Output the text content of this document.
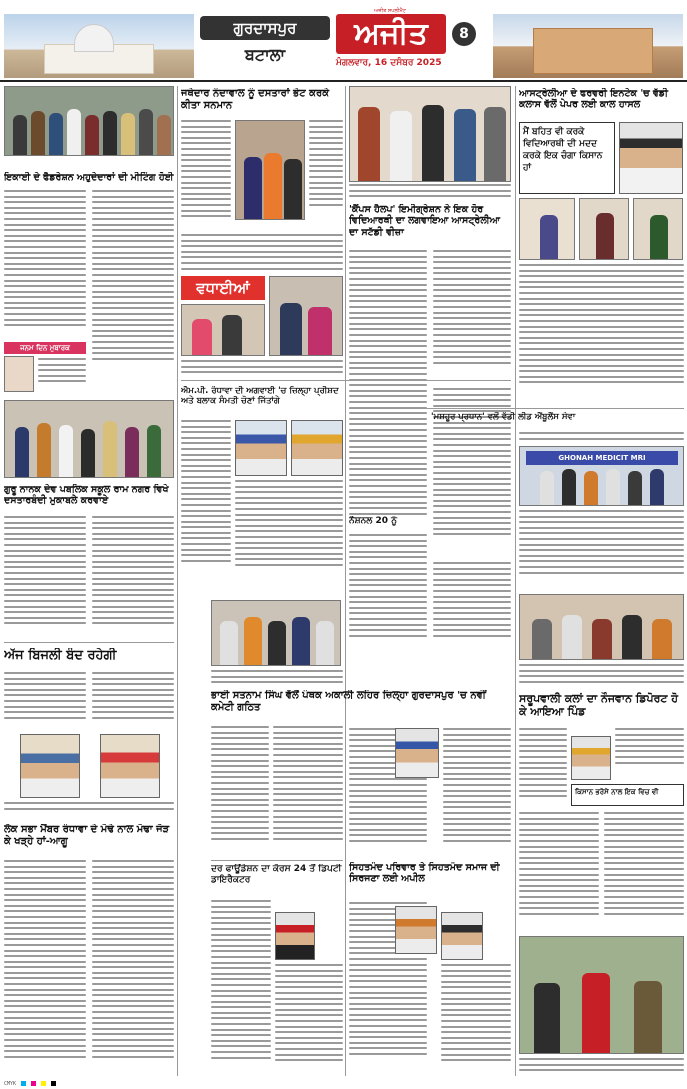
ਅਜੀਤ ਸਪਲੀਮੈਂਟ
ਗੁਰਦਾਸਪੁਰ
ਬਟਾਲਾ
ਅਜੀਤ
ਮੰਗਲਵਾਰ, 16 ਦਸੰਬਰ 2025
8
ਇਕਾਈ ਦੇ ਫੈਡਰੇਸ਼ਨ ਅਹੁਦੇਦਾਰਾਂ ਦੀ ਮੀਟਿੰਗ ਹੋਈ
ਜਨਮ ਦਿਨ ਮੁਬਾਰਕ
ਗੁਰੂ ਨਾਨਕ ਦੇਵ ਪਬਲਿਕ ਸਕੂਲ ਰਾਮ ਨਗਰ ਵਿਖੇ ਦਸਤਾਰਬੰਦੀ ਮੁਕਾਬਲੇ ਕਰਵਾਏ
ਅੱਜ ਬਿਜਲੀ ਬੰਦ ਰਹੇਗੀ
ਲੋਕ ਸਭਾ ਮੈਂਬਰ ਰੰਧਾਵਾ ਦੇ ਮੋਢੇ ਨਾਲ ਮੋਢਾ ਜੋੜ ਕੇ ਖੜ੍ਹੇ ਹਾਂ-ਆਗੂ
ਜਥੇਦਾਰ ਨੰਦਾਵਾਲ ਨੂੰ ਦਸਤਾਰਾਂ ਭੇਟ ਕਰਕੇ ਕੀਤਾ ਸਨਮਾਨ
ਵਧਾਈਆਂ
ਐਮ.ਪੀ. ਰੰਧਾਵਾ ਦੀ ਅਗਵਾਈ 'ਚ ਜ਼ਿਲ੍ਹਾ ਪ੍ਰੀਸ਼ਦ ਅਤੇ ਬਲਾਕ ਸੰਮਤੀ ਚੋਣਾਂ ਜਿੱਤਾਂਗੇ
ਭਾਈ ਸਤਨਾਮ ਸਿੰਘ ਵੱਲੋਂ ਪੰਥਕ ਅਕਾਲੀ ਲਹਿਰ ਜ਼ਿਲ੍ਹਾ ਗੁਰਦਾਸਪੁਰ 'ਚ ਨਵੀਂ ਕਮੇਟੀ ਗਠਿਤ
ਦਰ ਫਾਊਂਡੇਸ਼ਨ ਦਾ ਕੋਰਸ 24 ਤੋਂ ਡਿਪਟੀ ਡਾਇਰੈਕਟਰ
'ਕੈਂਪਸ ਹੈਲਪ' ਇਮੀਗ੍ਰੇਸ਼ਨ ਨੇ ਇਕ ਹੋਰ ਵਿਦਿਆਰਥੀ ਦਾ ਲਗਵਾਇਆ ਆਸਟ੍ਰੇਲੀਆ ਦਾ ਸਟੱਡੀ ਵੀਜ਼ਾ
ਨੈਸ਼ਨਲ 20 ਨੂੰ
ਸਿਹਤਮੰਦ ਪਰਿਵਾਰ ਤੇ ਸਿਹਤਮੰਦ ਸਮਾਜ ਦੀ ਸਿਰਜਣਾ ਲਈ ਅਪੀਲ
ਆਸਟ੍ਰੇਲੀਆ ਦੇ ਫਰਵਰੀ ਇਨਟੇਕ 'ਚ ਵੱਡੀ ਕਲਾਸ ਵੱਲੋਂ ਪੇਪਰ ਲਈ ਕਾਲ ਹਾਸਲ
ਮੈਂ ਬਹਿਤ ਵੀ ਕਰਕੇ ਵਿਦਿਆਰਥੀ ਦੀ ਮਦਦ ਕਰਕੇ ਇਕ ਚੰਗਾ ਕਿਸਾਨ ਹਾਂ
'ਮਸ਼ਹੂਰ ਪ੍ਰਧਾਨ' ਵਲੋਂ ਵੱਡੀ ਲੀਡ ਐਂਬੂਲੈਂਸ ਸੇਵਾ
GHONAH MEDICIT MRI
ਸਰੂਪਵਾਲੀ ਕਲਾਂ ਦਾ ਨੌਜਵਾਨ ਡਿਪੋਰਟ ਹੋ ਕੇ ਆਇਆ ਪਿੰਡ
ਕਿਸਾਨ ਭਰੋਸੇ ਨਾਲ ਇਕ ਵਿਚ ਵੀ
CMYK
